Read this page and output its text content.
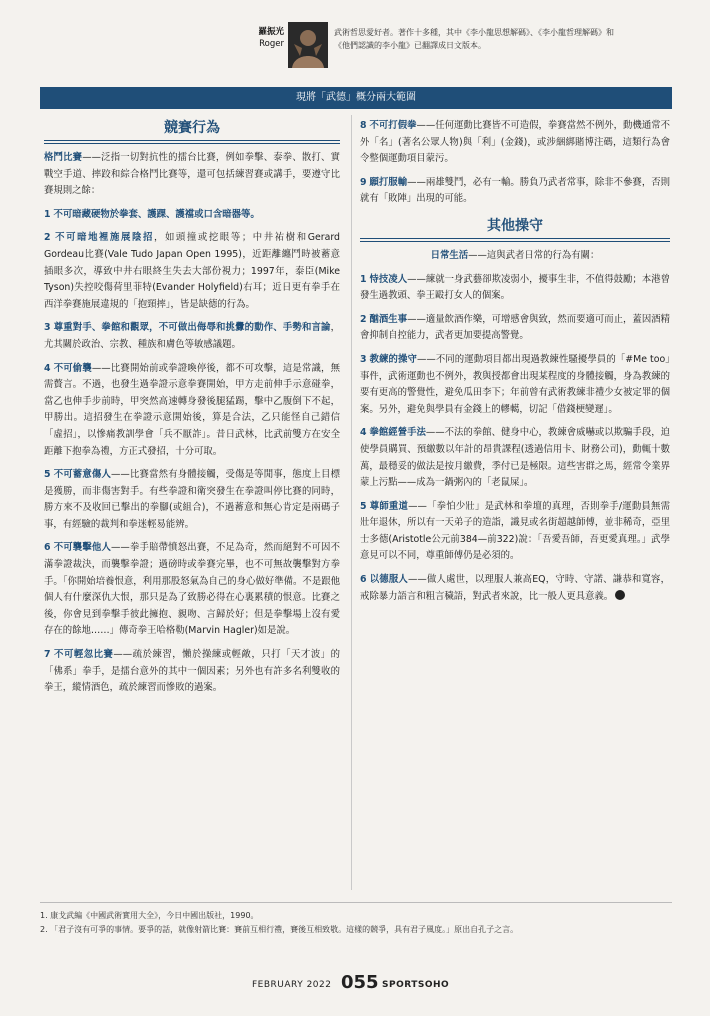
羅振光
Roger
武術哲思愛好者。著作十多種，其中《李小龍思想解碼》、《李小龍哲理解碼》和《他們認識的李小龍》已翻譯成日文版本。
現將「武德」概分兩大範圍
競賽行為

格鬥比賽——泛指一切對抗性的擂台比賽，例如拳擊、泰拳、散打、實戰空手道、摔跤和綜合格鬥比賽等，還可包括練習賽或講手，要遵守比賽規則之餘：

1 不可暗藏硬物於拳套、護踝、護襠或口含暗器等。

2 不可暗地裡施展陰招，如頭撞或挖眼等；中井祐樹和Gerard Gordeau比賽(Vale Tudo Japan Open 1995)，近距離纏鬥時被蓄意插眼多次，導致中井右眼終生失去大部份視力；1997年，泰臣(Mike Tyson)失控咬傷荷里菲特(Evander Holyfield)右耳；近日更有拳手在西洋拳賽施展違規的「抱頸摔」，皆是缺德的行為。

3 尊重對手、拳館和觀眾，不可做出侮辱和挑釁的動作、手勢和言論，尤其關於政治、宗教、種族和膚色等敏感議題。

4 不可偷襲——比賽開始前或拳證喚停後，都不可攻擊，這是常識，無需贅言。不過，也發生過拳證示意拳賽開始，甲方走前伸手示意碰拳，當乙也伸手步前時，甲突然高速轉身發後腿猛踢，擊中乙腹倒下不起，甲勝出。這招發生在拳證示意開始後，算是合法，乙只能怪自己錯信「虛招」，以慘痛教訓學會「兵不厭詐」。昔日武林，比武前雙方在安全距離下抱拳為禮，方正式發招，十分可取。

5 不可蓄意傷人——比賽當然有身體接觸，受傷是等閒事，態度上目標是獲勝，而非傷害對手。有些拳證和衛突發生在拳證叫停比賽的同時，勝方來不及收回已擊出的拳腳(或組合)，不過蓄意和無心肯定是兩碼子事，有經驗的裁判和拳迷輕易能辨。

6 不可襲擊他人——拳手賠帶憤怒出賽，不足為奇，然而絕對不可因不滿拳證裁決，而襲擊拳證；過磅時或拳賽完畢，也不可無故襲擊對方拳手。「你開始培養恨意，利用那股怒氣為自己的身心做好準備。不是跟他個人有什麼深仇大恨，那只是為了致勝必得在心裏累積的恨意。比賽之後，你會見到拳擊手彼此擁抱、親吻、言歸於好；但是拳擊場上沒有愛存在的餘地……」傳奇拳王哈格勒(Marvin Hagler)如是說。

7 不可輕忽比賽——疏於練習，懶於操練或輕敵，只打「天才波」的「佛系」拳手，是擂台意外的其中一個因素；另外也有許多名利雙收的拳王，縱情酒色，疏於練習而慘敗的過案。

8 不可打假拳——任何運動比賽皆不可造假，拳賽當然不例外，動機通常不外「名」(著名公眾人物)與「利」(金錢)，或涉綑綁賭博注碼，這類行為會令整個運動項目蒙污。

9 願打服輸——兩雄雙鬥，必有一輸。勝負乃武者常事，除非不參賽，否則就有「敗陣」出現的可能。

其他操守

日常生活——這與武者日常的行為有關：

1 恃技凌人——練就一身武藝卻欺凌弱小，擾事生非，不值得鼓勵；本港曾發生過教頭、拳王毆打女人的個案。

2 酗酒生事——適量飲酒作樂，可增慼會與致，然而要適可而止，蓋因酒精會抑制自控能力，武者更加要提高警覺。

3 教練的操守——不同的運動項目都出現過教練性騷擾學員的「#Me too」事件，武術運動也不例外，教與授都會出現某程度的身體接觸，身為教練的要有更高的警覺性，避免瓜田李下；年前曾有武術教練非禮少女被定罪的個案。另外，避免與學員有金錢上的轇轕，切記「借錢梗變遲」。

4 拳館經營手法——不法的拳館、健身中心，教練會威嚇或以欺騙手段，迫使學員購買、預繳數以年計的昂貴課程(透過信用卡、財務公司)，動輒十數萬，最穩妥的做法是按月繳費，季付已是極限。這些害群之馬，經常令業界蒙上污點——成為一鍋粥內的「老鼠屎」。

5 尊師重道——「拳怕少壯」是武林和拳壇的真理，否則拳手/運動員無需壯年退休，所以有一天弟子的造詣，識見或名街超越師傅，並非稀奇，亞里士多德(Aristotle公元前384—前322)說：「吾愛吾師，吾更愛真理。」武學意見可以不同，尊重師傅仍是必須的。

6 以德服人——做人處世，以理服人兼高EQ，守時、守諾、謙恭和寬容，戒除暴力語言和粗言穢語，對武者來說，比一般人更具意義。

1. 康戈武編《中國武術實用大全》，今日中國出版社，1990。
2. 「君子沒有可爭的事情。要爭的話，就像射箭比賽：賽前互相行禮，賽後互相致敬。這樣的競爭，具有君子風度。」原出自孔子之言。
FEBRUARY 2022 055 SPORTSOHO
